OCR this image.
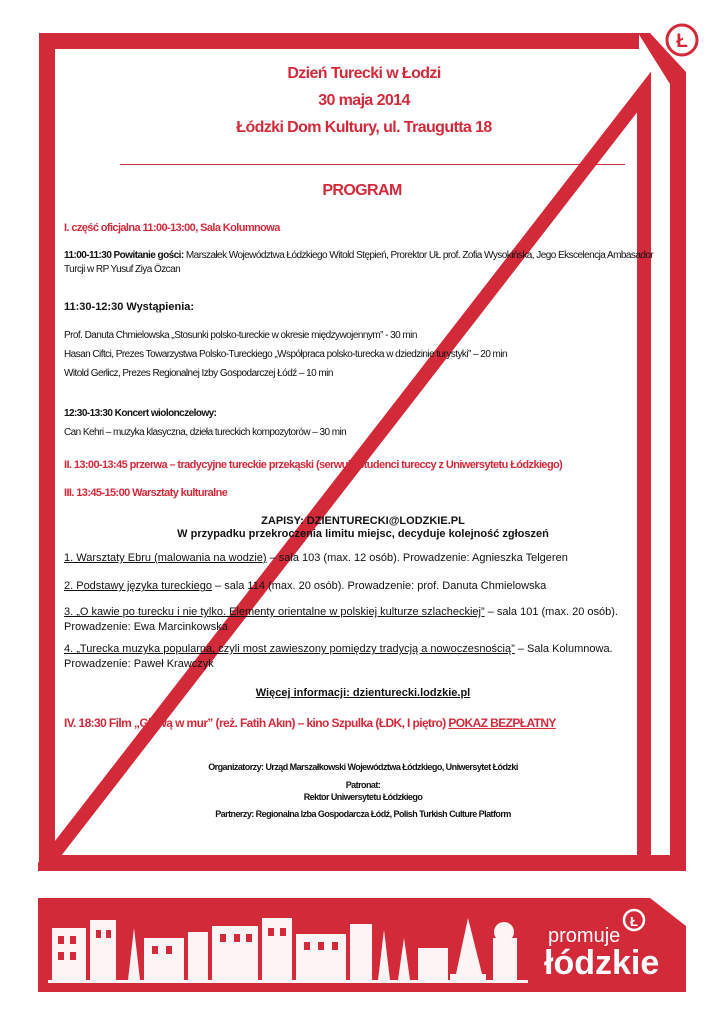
Ł
Dzień Turecki w Łodzi
30 maja 2014
Łódzki Dom Kultury, ul. Traugutta 18
PROGRAM
I. część oficjalna 11:00-13:00, Sala Kolumnowa
11:00-11:30 Powitanie gości: Marszałek Województwa Łódzkiego Witold Stępień, Prorektor UŁ prof. Zofia Wysokińska, Jego Ekscelencja Ambasador Turcji w RP Yusuf Ziya Özcan
11:30-12:30 Wystąpienia:
Prof. Danuta Chmielowska „Stosunki polsko-tureckie w okresie międzywojennym” - 30 min
Hasan Ciftci, Prezes Towarzystwa Polsko-Tureckiego „Współpraca polsko-turecka w dziedzinie turystyki” – 20 min
Witold Gerlicz, Prezes Regionalnej Izby Gospodarczej Łódź – 10 min
12:30-13:30 Koncert wiolonczelowy:
Can Kehri – muzyka klasyczna, dzieła tureckich kompozytorów – 30 min
II. 13:00-13:45 przerwa – tradycyjne tureckie przekąski (serwują studenci tureccy z Uniwersytetu Łódzkiego)
III. 13:45-15:00 Warsztaty kulturalne
ZAPISY: DZIENTURECKI@LODZKIE.PL
W przypadku przekroczenia limitu miejsc, decyduje kolejność zgłoszeń
1. Warsztaty Ebru (malowania na wodzie) – sala 103 (max. 12 osób). Prowadzenie: Agnieszka Telgeren
2. Podstawy języka tureckiego – sala 114 (max. 20 osób). Prowadzenie: prof. Danuta Chmielowska
3. „O kawie po turecku i nie tylko. Elementy orientalne w polskiej kulturze szlacheckiej” – sala 101 (max. 20 osób). Prowadzenie: Ewa Marcinkowska
4. „Turecka muzyka popularna, czyli most zawieszony pomiędzy tradycją a nowoczesnością” – Sala Kolumnowa. Prowadzenie: Paweł Krawczyk
Więcej informacji: dzienturecki.lodzkie.pl
IV. 18:30 Film „Głową w mur” (reż. Fatih Akın) – kino Szpulka (ŁDK, I piętro) POKAZ BEZPŁATNY
Organizatorzy: Urząd Marszałkowski Województwa Łódzkiego, Uniwersytet Łódzki
Patronat:
Rektor Uniwersytetu Łódzkiego
Partnerzy: Regionalna Izba Gospodarcza Łódź, Polish Turkish Culture Platform
Ł
promuje
łódzkie
